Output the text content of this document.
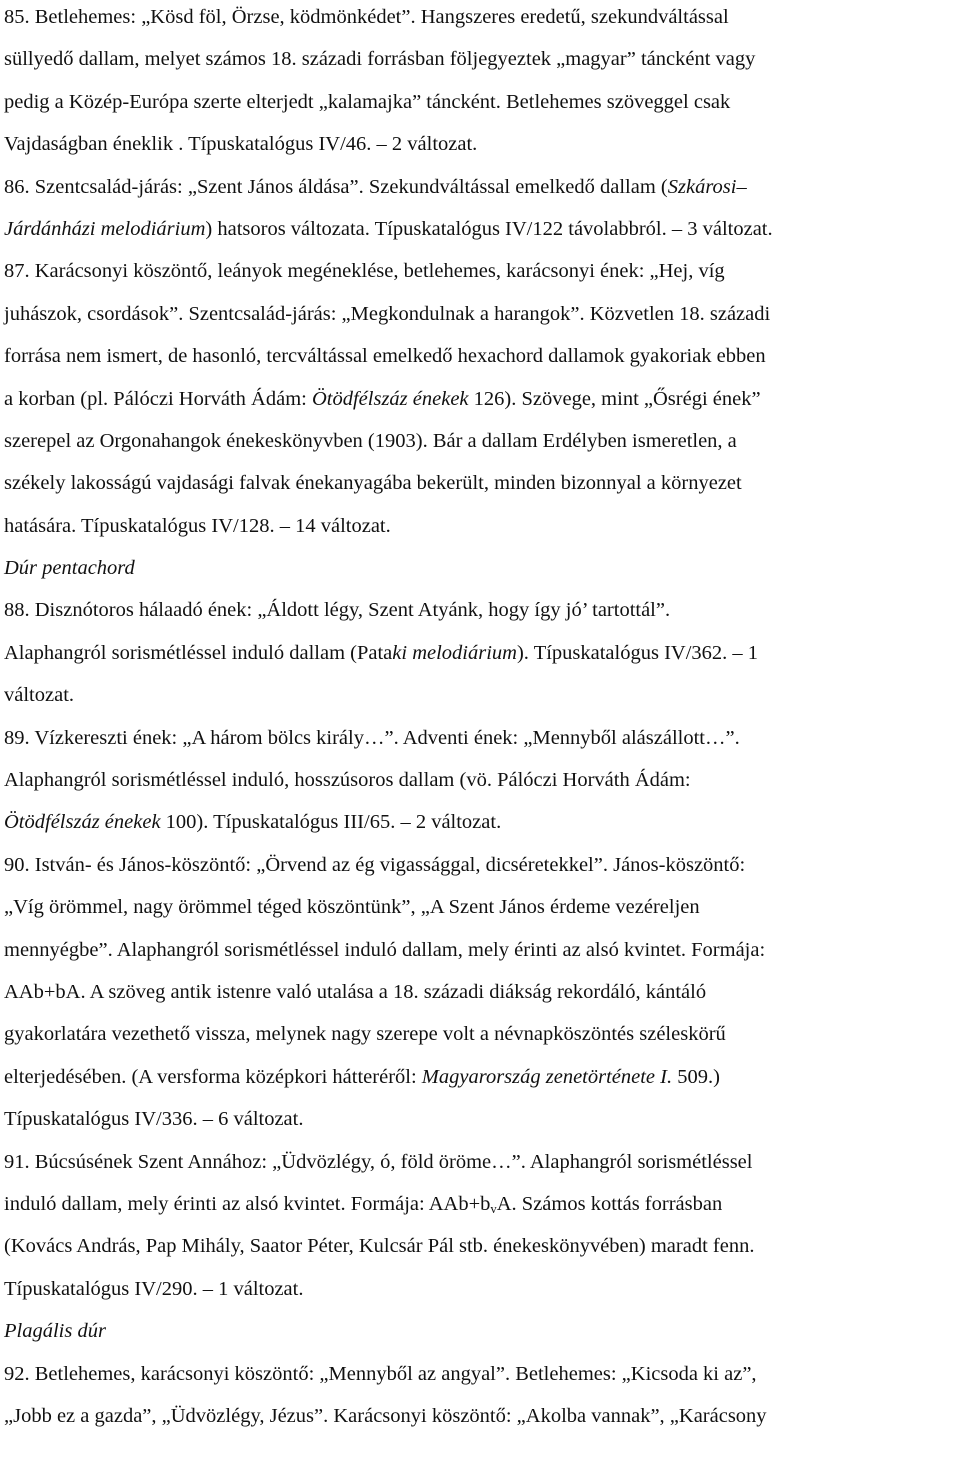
85. Betlehemes: „Kösd föl, Örzse, ködmönkédet”. Hangszeres eredetű, szekundváltással
süllyedő dallam, melyet számos 18. századi forrásban följegyeztek „magyar” táncként vagy
pedig a Közép-Európa szerte elterjedt „kalamajka” táncként. Betlehemes szöveggel csak
Vajdaságban éneklik . Típuskatalógus IV/46. – 2 változat.
86. Szentcsalád-járás: „Szent János áldása”. Szekundváltással emelkedő dallam (Szkárosi–
Járdánházi melodiárium) hatsoros változata. Típuskatalógus IV/122 távolabbról. – 3 változat.
87. Karácsonyi köszöntő, leányok megéneklése, betlehemes, karácsonyi ének: „Hej, víg
juhászok, csordások”. Szentcsalád-járás: „Megkondulnak a harangok”. Közvetlen 18. századi
forrása nem ismert, de hasonló, tercváltással emelkedő hexachord dallamok gyakoriak ebben
a korban (pl. Pálóczi Horváth Ádám: Ötödfélszáz énekek 126). Szövege, mint „Ősrégi ének”
szerepel az Orgonahangok énekeskönyvben (1903). Bár a dallam Erdélyben ismeretlen, a
székely lakosságú vajdasági falvak énekanyagába bekerült, minden bizonnyal a környezet
hatására. Típuskatalógus IV/128. – 14 változat.
Dúr pentachord
88. Disznótoros hálaadó ének: „Áldott légy, Szent Atyánk, hogy így jó’ tartottál”.
Alaphangról sorismétléssel induló dallam (Pataki melodiárium). Típuskatalógus IV/362. – 1
változat.
89. Vízkereszti ének: „A három bölcs király…”. Adventi ének: „Mennyből alászállott…”.
Alaphangról sorismétléssel induló, hosszúsoros dallam (vö. Pálóczi Horváth Ádám:
Ötödfélszáz énekek 100). Típuskatalógus III/65. – 2 változat.
90. István- és János-köszöntő: „Örvend az ég vigassággal, dicséretekkel”. János-köszöntő:
„Víg örömmel, nagy örömmel téged köszöntünk”, „A Szent János érdeme vezéreljen
mennyégbe”. Alaphangról sorismétléssel induló dallam, mely érinti az alsó kvintet. Formája:
AAb+bA. A szöveg antik istenre való utalása a 18. századi diákság rekordáló, kántáló
gyakorlatára vezethető vissza, melynek nagy szerepe volt a névnapköszöntés széleskörű
elterjedésében. (A versforma középkori hátteréről: Magyarország zenetörténete I. 509.)
Típuskatalógus IV/336. – 6 változat.
91. Búcsúsének Szent Annához: „Üdvözlégy, ó, föld öröme…”. Alaphangról sorismétléssel
induló dallam, mely érinti az alsó kvintet. Formája: $AAb+b_vA$. Számos kottás forrásban
(Kovács András, Pap Mihály, Saator Péter, Kulcsár Pál stb. énekeskönyvében) maradt fenn.
Típuskatalógus IV/290. – 1 változat.
Plagális dúr
92. Betlehemes, karácsonyi köszöntő: „Mennyből az angyal”. Betlehemes: „Kicsoda ki az”,
„Jobb ez a gazda”, „Üdvözlégy, Jézus”. Karácsonyi köszöntő: „Akolba vannak”, „Karácsony
